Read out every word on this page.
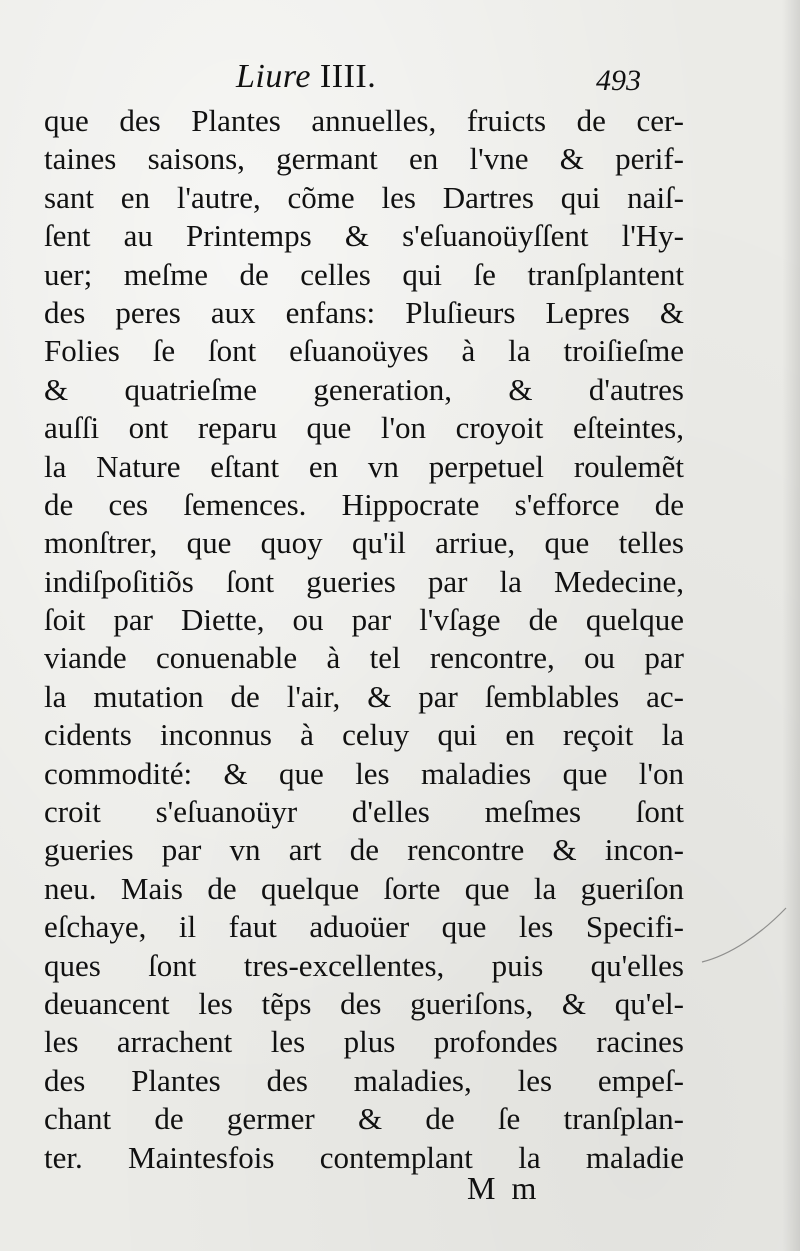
Liure IIII.	493
que des Plantes annuelles, fruicts de cer-
taines saisons, germant en l'vne & perif-
sant en l'autre, cõme les Dartres qui naiſ-
ſent au Printemps & s'eſuanoüyſſent l'Hy-
uer; meſme de celles qui ſe tranſplantent
des peres aux enfans: Pluſieurs Lepres &
Folies ſe ſont eſuanoüyes à la troiſieſme
& quatrieſme generation, & d'autres
auſſi ont reparu que l'on croyoit eſteintes,
la Nature eſtant en vn perpetuel roulemẽt
de ces ſemences. Hippocrate s'efforce de
monſtrer, que quoy qu'il arriue, que telles
indiſpoſitiõs ſont gueries par la Medecine,
ſoit par Diette, ou par l'vſage de quelque
viande conuenable à tel rencontre, ou par
la mutation de l'air, & par ſemblables ac-
cidents inconnus à celuy qui en reçoit la
commodité: & que les maladies que l'on
croit s'eſuanoüyr d'elles meſmes ſont
gueries par vn art de rencontre & incon-
neu. Mais de quelque ſorte que la gueriſon
eſchaye, il faut aduoüer que les Specifi-
ques ſont tres-excellentes, puis qu'elles
deuancent les tẽps des gueriſons, & qu'el-
les arrachent les plus profondes racines
des Plantes des maladies, les empeſ-
chant de germer & de ſe tranſplan-
ter. Maintesfois contemplant la maladie
M m
